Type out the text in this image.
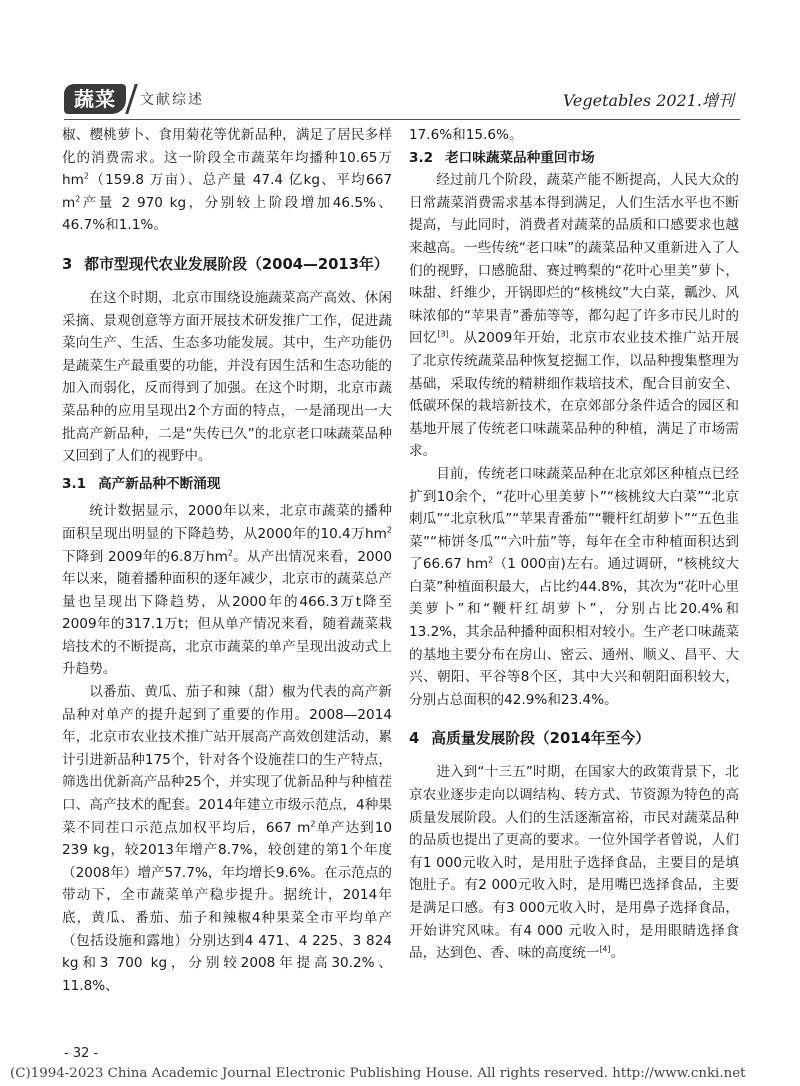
蔬菜	文献综述	Vegetables 2021.增刊

椒、樱桃萝卜、食用菊花等优新品种，满足了居民多样化的消费需求。这一阶段全市蔬菜年均播种10.65万$hm^2(159.8$ 万亩）、总产量 47.4 亿kg、平均667 $m^2$产量 2 970 kg，分别较上阶段增加46.5%、46.7%和1.1%。

3 都市型现代农业发展阶段（2004—2013年）

在这个时期，北京市围绕设施蔬菜高产高效、休闲采摘、景观创意等方面开展技术研发推广工作，促进蔬菜向生产、生活、生态多功能发展。其中，生产功能仍是蔬菜生产最重要的功能，并没有因生活和生态功能的加入而弱化，反而得到了加强。在这个时期，北京市蔬菜品种的应用呈现出2个方面的特点，一是涌现出一大批高产新品种，二是“失传已久”的北京老口味蔬菜品种又回到了人们的视野中。

3.1 高产新品种不断涌现

统计数据显示，2000年以来，北京市蔬菜的播种面积呈现出明显的下降趋势，从2000年的10.4万$hm^2$下降到 2009年的6.8万$hm^2$。从产出情况来看，2000年以来，随着播种面积的逐年减少，北京市的蔬菜总产量也呈现出下降趋势，从2000年的466.3万t降至2009年的317.1万t；但从单产情况来看，随着蔬菜栽培技术的不断提高，北京市蔬菜的单产呈现出波动式上升趋势。

以番茄、黄瓜、茄子和辣（甜）椒为代表的高产新品种对单产的提升起到了重要的作用。2008—2014年，北京市农业技术推广站开展高产高效创建活动，累计引进新品种175个，针对各个设施茬口的生产特点，筛选出优新高产品种25个，并实现了优新品种与种植茬口、高产技术的配套。2014年建立市级示范点，4种果菜不同茬口示范点加权平均后，667 $m^2$单产达到10 239 kg，较2013年增产8.7%，较创建的第1个年度（2008年）增产57.7%，年均增长9.6%。在示范点的带动下，全市蔬菜单产稳步提升。据统计，2014年底，黄瓜、番茄、茄子和辣椒4种果菜全市平均单产（包括设施和露地）分别达到4 471、4 225、3 824 kg和3 700 kg，分别较2008年提高30.2%、11.8%、

17.6%和15.6%。

3.2 老口味蔬菜品种重回市场

经过前几个阶段，蔬菜产能不断提高，人民大众的日常蔬菜消费需求基本得到满足，人们生活水平也不断提高，与此同时，消费者对蔬菜的品质和口感要求也越来越高。一些传统“老口味”的蔬菜品种又重新进入了人们的视野，口感脆甜、赛过鸭梨的“花叶心里美”萝卜，味甜、纤维少，开锅即烂的“核桃纹”大白菜，瓤沙、风味浓郁的“苹果青”番茄等等，都勾起了许多市民儿时的回忆[3]。从2009年开始，北京市农业技术推广站开展了北京传统蔬菜品种恢复挖掘工作，以品种搜集整理为基础，采取传统的精耕细作栽培技术，配合目前安全、低碳环保的栽培新技术，在京郊部分条件适合的园区和基地开展了传统老口味蔬菜品种的种植，满足了市场需求。

目前，传统老口味蔬菜品种在北京郊区种植点已经扩到10余个，“花叶心里美萝卜”“核桃纹大白菜”“北京刺瓜”“北京秋瓜”“苹果青番茄”“鞭杆红胡萝卜”“五色韭菜”“柿饼冬瓜”“六叶茄”等，每年在全市种植面积达到了66.67 $hm^2(1$ 000亩)左右。通过调研，“核桃纹大白菜”种植面积最大，占比约44.8%，其次为“花叶心里美萝卜”和“鞭杆红胡萝卜”，分别占比20.4%和13.2%，其余品种播种面积相对较小。生产老口味蔬菜的基地主要分布在房山、密云、通州、顺义、昌平、大兴、朝阳、平谷等8个区，其中大兴和朝阳面积较大，分别占总面积的42.9%和23.4%。

4 高质量发展阶段（2014年至今）

进入到“十三五”时期，在国家大的政策背景下，北京农业逐步走向以调结构、转方式、节资源为特色的高质量发展阶段。人们的生活逐渐富裕，市民对蔬菜品种的品质也提出了更高的要求。一位外国学者曾说，人们有1 000元收入时，是用肚子选择食品，主要目的是填饱肚子。有2 000元收入时，是用嘴巴选择食品，主要是满足口感。有3 000元收入时，是用鼻子选择食品，开始讲究风味。有4 000 元收入时，是用眼睛选择食品，达到色、香、味的高度统一[4]。

- 32 -
(C)1994-2023 China Academic Journal Electronic Publishing House. All rights reserved. http://www.cnki.net
